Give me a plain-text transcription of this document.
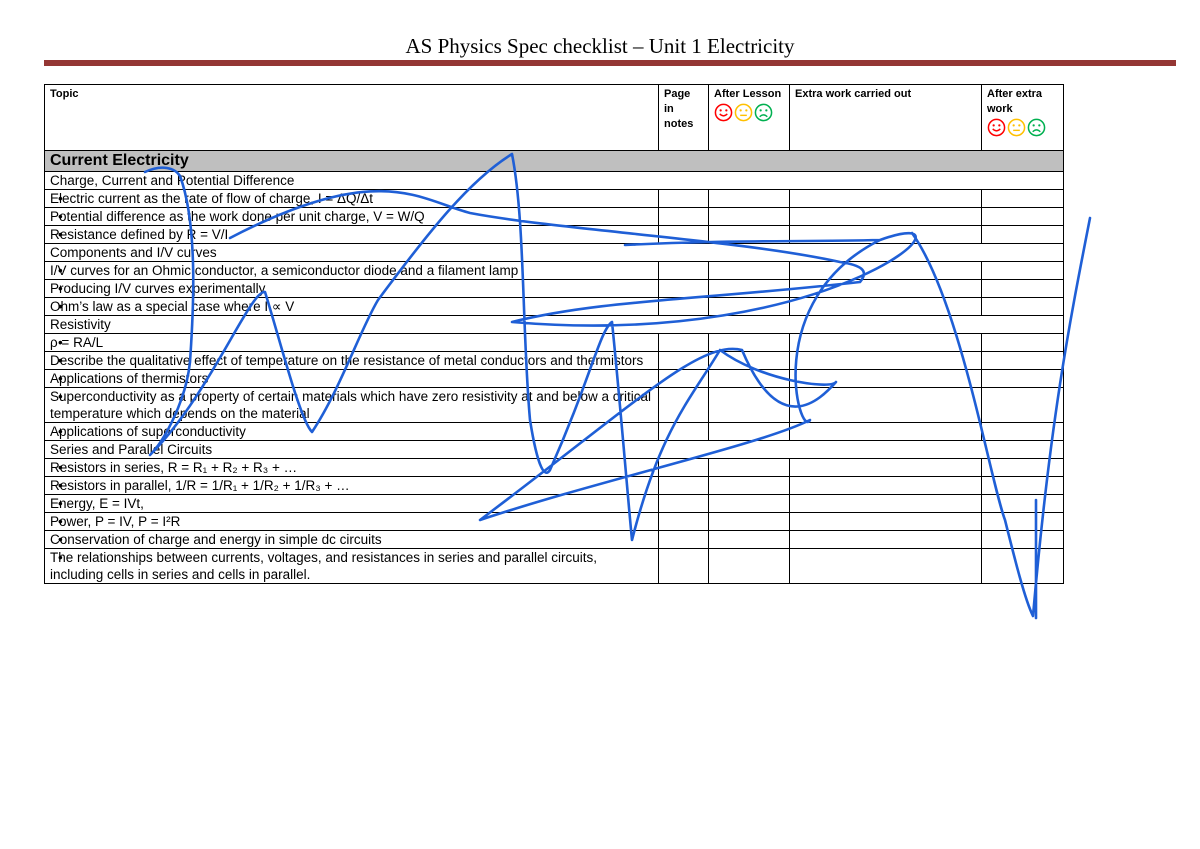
AS Physics Spec checklist – Unit 1 Electricity
Topic	Page in notes	After Lesson	Extra work carried out	After extra work

Current Electricity				
Charge, Current and Potential Difference				
• Electric current as the rate of flow of charge, I = ΔQ/Δt				
• Potential difference as the work done per unit charge, V = W/Q				
• Resistance defined by R = V/I				
Components and I/V curves				
• I/V curves for an Ohmic conductor, a semiconductor diode and a filament lamp				
• Producing I/V curves experimentally				
• Ohm’s law as a special case where I ∝ V				
Resistivity				
• ρ = RA/L				
• Describe the qualitative effect of temperature on the resistance of metal conductors and thermistors				
• Applications of thermistors				
• Superconductivity as a property of certain materials which have zero resistivity at and below a critical temperature which depends on the material				
• Applications of superconductivity				
Series and Parallel Circuits				
• Resistors in series, R = R₁ + R₂ + R₃ + …				
• Resistors in parallel, 1/R = 1/R₁ + 1/R₂ + 1/R₃ + …				
• Energy, E = IVt,				
• Power, P = IV, P = I²R				
• Conservation of charge and energy in simple dc circuits				
• The relationships between currents, voltages, and resistances in series and parallel circuits, including cells in series and cells in parallel.				
